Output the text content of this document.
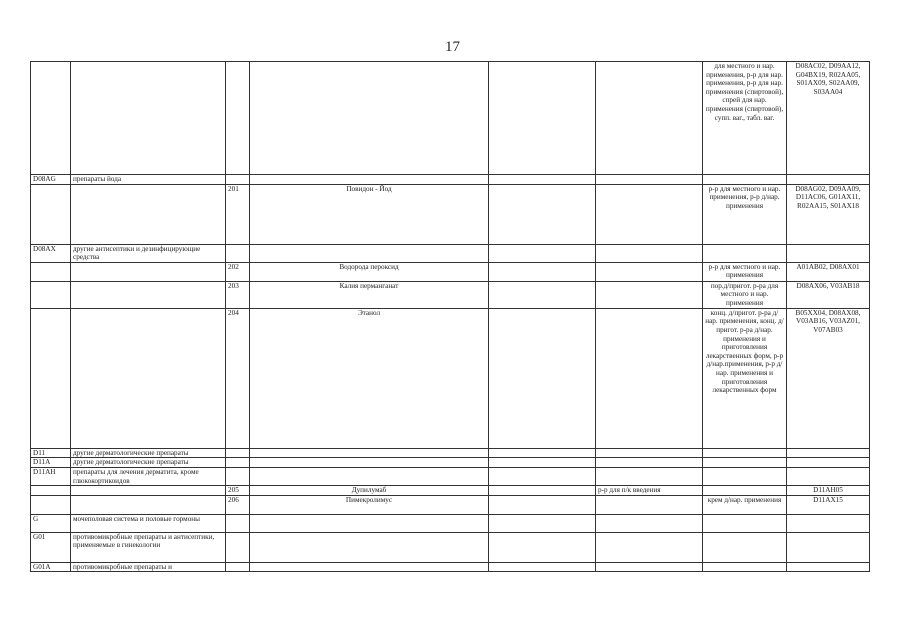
17
						для местного и нар. применения, р-р для нар. применения, р-р для нар. применения (спиртовой), спрей для нар. применения (спиртовой), супп. ваг., табл. ваг.	D08AC02, D09AA12, G04BX19, R02AA05, S01AX09, S02AA09, S03AA04
D08AG	препараты йода						
		201	Повидон - Йод			р-р для местного и нар. применения, р-р д/нар. применения	D08AG02, D09AA09, D11AC06, G01AX11, R02AA15, S01AX18
D08AX	другие антисептики и дезинфицирующие средства						
		202	Водорода пероксид			р-р для местного и нар. применения	A01AB02, D08AX01
		203	Калия перманганат			пор.д/пригот. р-ра для местного и нар. применения	D08AX06, V03AB18
		204	Этанол			конц. д/пригот. р-ра д/нар. применения, конц. д/пригот. р-ра д/нар. применения и приготовления лекарственных форм, р-р д/нар.применения, р-р д/нар. применения и приготовления лекарственных форм	B05XX04, D08AX08, V03AB16, V03AZ01, V07AB03
D11	другие дерматологические препараты						
D11A	другие дерматологические препараты						
D11AH	препараты для лечения дерматита, кроме глюкокортикоидов						
		205	Дупилумаб		р-р для п/к введения		D11AH05
		206	Пимекролимус			крем д/нар. применения	D11AX15
G	мочеполовая система и половые гормоны						
G01	противомикробные препараты и антисептики, применяемые в гинекологии						
G01A	противомикробные препараты и						
